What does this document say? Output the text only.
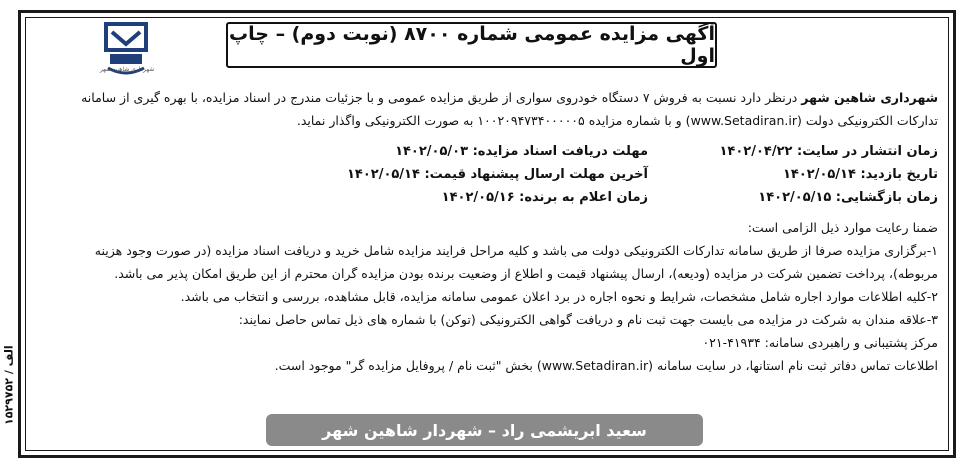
۱۵۲۹۷۵۲ / الف
شهرداری شاهین شهر
آگهی مزایده عمومی شماره ۸۷۰۰ (نوبت دوم) – چاپ اول
شهرداری شاهین شهر درنظر دارد نسبت به فروش ۷ دستگاه خودروی سواری از طریق مزایده عمومی و با جزئیات مندرج در اسناد مزایده، با بهره گیری از سامانه
تدارکات الکترونیکی دولت (www.Setadiran.ir) و با شماره مزایده ۱۰۰۲۰۹۴۷۳۴۰۰۰۰۰۵ به صورت الکترونیکی واگذار نماید.
زمان انتشار در سایت: ۱۴۰۲/۰۴/۲۲
تاریخ بازدید: ۱۴۰۲/۰۵/۱۴
زمان بازگشایی: ۱۴۰۲/۰۵/۱۵
مهلت دریافت اسناد مزایده: ۱۴۰۲/۰۵/۰۳
آخرین مهلت ارسال پیشنهاد قیمت: ۱۴۰۲/۰۵/۱۴
زمان اعلام به برنده: ۱۴۰۲/۰۵/۱۶
ضمنا رعایت موارد ذیل الزامی است:
۱-برگزاری مزایده صرفا از طریق سامانه تدارکات الکترونیکی دولت می باشد و کلیه مراحل فرایند مزایده شامل خرید و دریافت اسناد مزایده (در صورت وجود هزینه
مربوطه)، پرداخت تضمین شرکت در مزایده (ودیعه)، ارسال پیشنهاد قیمت و اطلاع از وضعیت برنده بودن مزایده گران محترم از این طریق امکان پذیر می باشد.
۲-کلیه اطلاعات موارد اجاره شامل مشخصات، شرایط و نحوه اجاره در برد اعلان عمومی سامانه مزایده، قابل مشاهده، بررسی و انتخاب می باشد.
۳-علاقه مندان به شرکت در مزایده می بایست جهت ثبت نام و دریافت گواهی الکترونیکی (توکن) با شماره های ذیل تماس حاصل نمایند:
مرکز پشتیبانی و راهبردی سامانه: ۴۱۹۳۴-۰۲۱
اطلاعات تماس دفاتر ثبت نام استانها، در سایت سامانه (www.Setadiran.ir) بخش "ثبت نام / پروفایل مزایده گر" موجود است.
سعید ابریشمی راد – شهردار شاهین شهر
